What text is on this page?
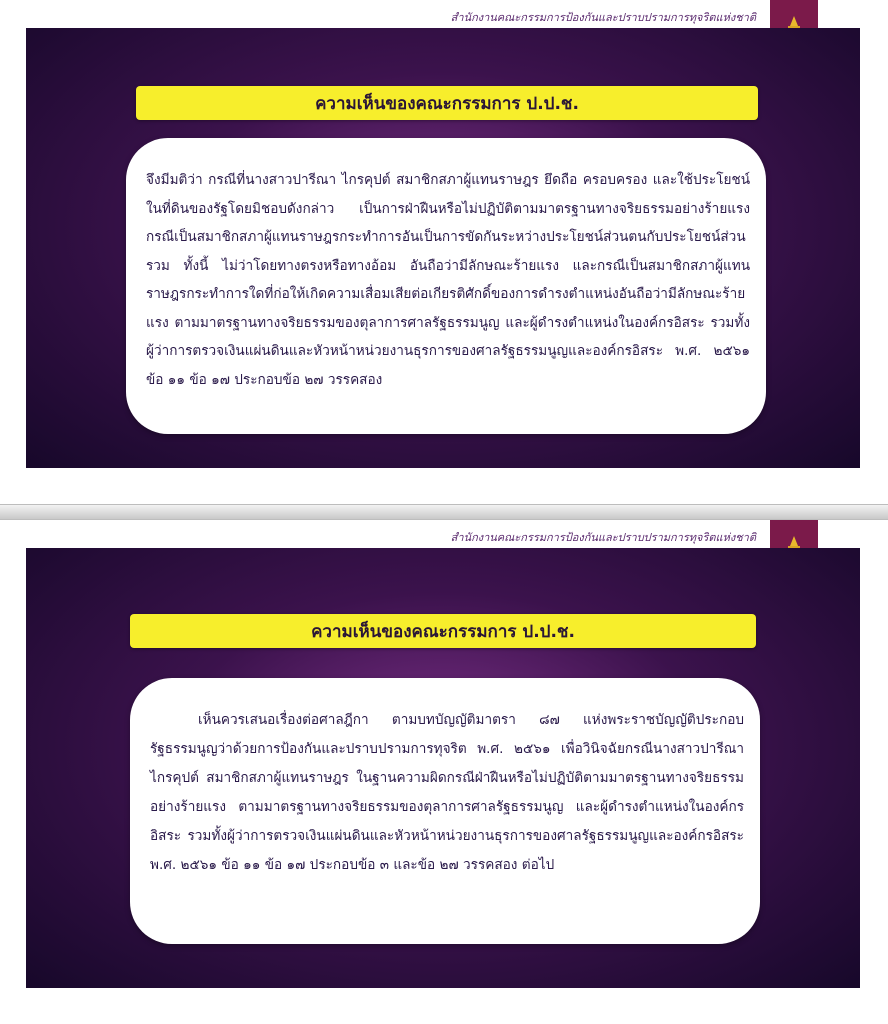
สำนักงานคณะกรรมการป้องกันและปราบปรามการทุจริตแห่งชาติ
ความเห็นของคณะกรรมการ ป.ป.ช.
จึงมีมติว่า กรณีที่นางสาวปารีณา ไกรคุปต์ สมาชิกสภาผู้แทนราษฎร ยึดถือ ครอบครอง และใช้ประโยชน์ในที่ดินของรัฐโดยมิชอบดังกล่าว เป็นการฝ่าฝืนหรือไม่ปฏิบัติตามมาตรฐานทางจริยธรรมอย่างร้ายแรง กรณีเป็นสมาชิกสภาผู้แทนราษฎรกระทำการอันเป็นการขัดกันระหว่างประโยชน์ส่วนตนกับประโยชน์ส่วนรวม ทั้งนี้ ไม่ว่าโดยทางตรงหรือทางอ้อม อันถือว่ามีลักษณะร้ายแรง และกรณีเป็นสมาชิกสภาผู้แทนราษฎรกระทำการใดที่ก่อให้เกิดความเสื่อมเสียต่อเกียรติศักดิ์ของการดำรงตำแหน่งอันถือว่ามีลักษณะร้ายแรง ตามมาตรฐานทางจริยธรรมของตุลาการศาลรัฐธรรมนูญ และผู้ดำรงตำแหน่งในองค์กรอิสระ รวมทั้งผู้ว่าการตรวจเงินแผ่นดินและหัวหน้าหน่วยงานธุรการของศาลรัฐธรรมนูญและองค์กรอิสระ พ.ศ. ๒๕๖๑ ข้อ ๑๑ ข้อ ๑๗ ประกอบข้อ ๒๗ วรรคสอง
สำนักงานคณะกรรมการป้องกันและปราบปรามการทุจริตแห่งชาติ
ความเห็นของคณะกรรมการ ป.ป.ช.
เห็นควรเสนอเรื่องต่อศาลฎีกา ตามบทบัญญัติมาตรา ๘๗ แห่งพระราชบัญญัติประกอบรัฐธรรมนูญว่าด้วยการป้องกันและปราบปรามการทุจริต พ.ศ. ๒๕๖๑ เพื่อวินิจฉัยกรณีนางสาวปารีณา ไกรคุปต์ สมาชิกสภาผู้แทนราษฎร ในฐานความผิดกรณีฝ่าฝืนหรือไม่ปฏิบัติตามมาตรฐานทางจริยธรรมอย่างร้ายแรง ตามมาตรฐานทางจริยธรรมของตุลาการศาลรัฐธรรมนูญ และผู้ดำรงตำแหน่งในองค์กรอิสระ รวมทั้งผู้ว่าการตรวจเงินแผ่นดินและหัวหน้าหน่วยงานธุรการของศาลรัฐธรรมนูญและองค์กรอิสระ พ.ศ. ๒๕๖๑ ข้อ ๑๑ ข้อ ๑๗ ประกอบข้อ ๓ และข้อ ๒๗ วรรคสอง ต่อไป
